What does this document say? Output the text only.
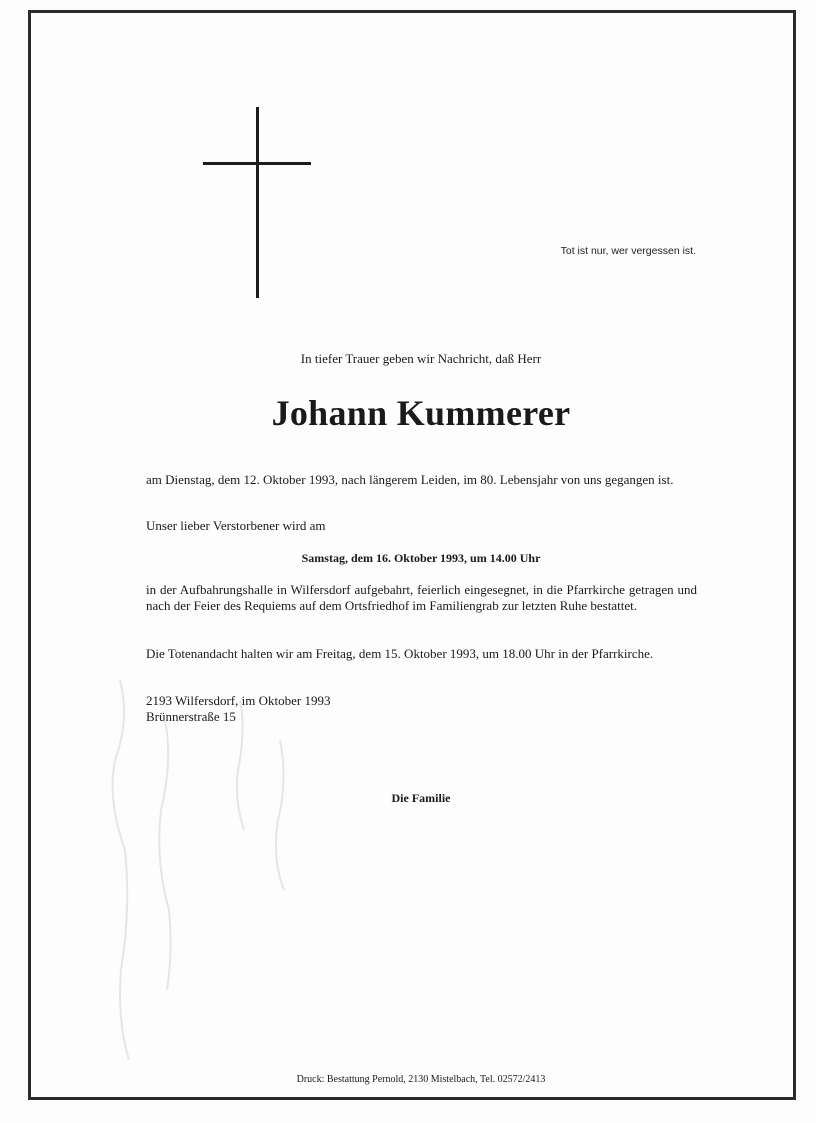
Tot ist nur, wer vergessen ist.
In tiefer Trauer geben wir Nachricht, daß Herr
Johann Kummerer
am Dienstag, dem 12. Oktober 1993, nach längerem Leiden, im 80. Lebensjahr von uns gegangen ist.
Unser lieber Verstorbener wird am
Samstag, dem 16. Oktober 1993, um 14.00 Uhr
in der Aufbahrungshalle in Wilfersdorf aufgebahrt, feierlich eingesegnet, in die Pfarrkirche getragen und nach der Feier des Requiems auf dem Ortsfriedhof im Familiengrab zur letzten Ruhe bestattet.
Die Totenandacht halten wir am Freitag, dem 15. Oktober 1993, um 18.00 Uhr in der Pfarrkirche.
2193 Wilfersdorf, im Oktober 1993
Brünnerstraße 15
Die Familie
Druck: Bestattung Pernold, 2130 Mistelbach, Tel. 02572/2413
